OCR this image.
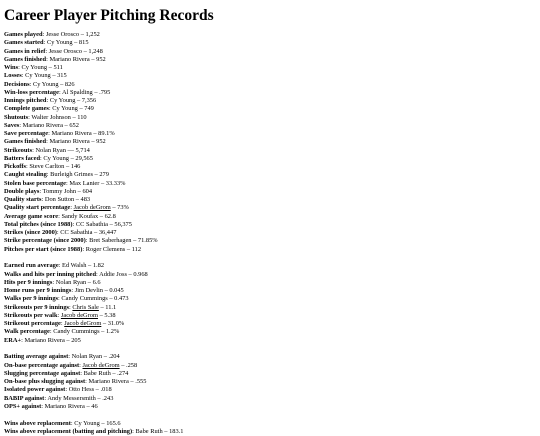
Career Player Pitching Records
Games played: Jesse Orosco – 1,252
Games started: Cy Young – 815
Games in relief: Jesse Orosco – 1,248
Games finished: Mariano Rivera – 952
Wins: Cy Young – 511
Losses: Cy Young – 315
Decisions: Cy Young – 826
Win-loss percentage: Al Spalding – .795
Innings pitched: Cy Young – 7,356
Complete games: Cy Young – 749
Shutouts: Walter Johnson – 110
Saves: Mariano Rivera – 652
Save percentage: Mariano Rivera – 89.1%
Games finished: Mariano Rivera – 952
Strikeouts: Nolan Ryan — 5,714
Batters faced: Cy Young – 29,565
Pickoffs: Steve Carlton – 146
Caught stealing: Burleigh Grimes – 279
Stolen base percentage: Max Lanier – 33.33%
Double plays: Tommy John – 604
Quality starts: Don Sutton – 483
Quality start percentage: Jacob deGrom – 73%
Average game score: Sandy Koufax – 62.8
Total pitches (since 1988): CC Sabathia – 56,375
Strikes (since 2000): CC Sabathia – 36,447
Strike percentage (since 2000): Bret Saberhagen – 71.85%
Pitches per start (since 1988): Roger Clemens – 112
Earned run average: Ed Walsh – 1.82
Walks and hits per inning pitched: Addie Joss – 0.968
Hits per 9 innings: Nolan Ryan – 6.6
Home runs per 9 innings: Jim Devlin – 0.045
Walks per 9 innings: Candy Cummings – 0.473
Strikeouts per 9 innings: Chris Sale – 11.1
Strikeouts per walk: Jacob deGrom – 5.38
Strikeout percentage: Jacob deGrom – 31.0%
Walk percentage: Candy Cummings – 1.2%
ERA+: Mariano Rivera – 205
Batting average against: Nolan Ryan – .204
On-base percentage against: Jacob deGrom – .258
Slugging percentage against: Babe Ruth – .274
On-base plus slugging against: Mariano Rivera – .555
Isolated power against: Otto Hess – .018
BABIP against: Andy Messersmith – .243
OPS+ against: Mariano Rivera – 46
Wins above replacement: Cy Young – 165.6
Wins above replacement (batting and pitching): Babe Ruth – 183.1
